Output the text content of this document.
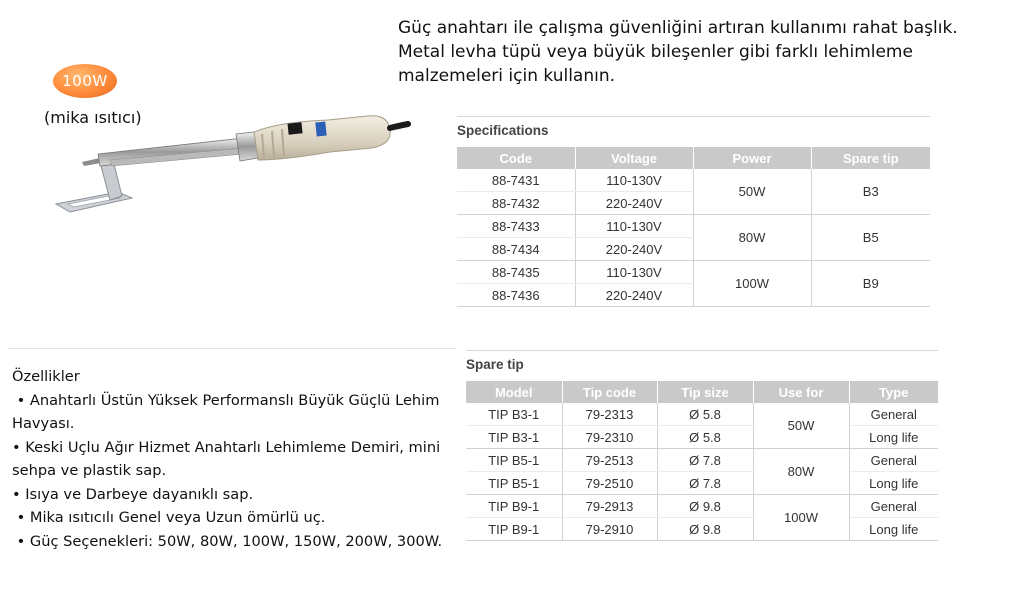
Güç anahtarı ile çalışma güvenliğini artıran kullanımı rahat başlık.
Metal levha tüpü veya büyük bileşenler gibi farklı lehimleme
malzemeleri için kullanın.
100W
(mika ısıtıcı)
Specifications
Code	Voltage	Power	Spare tip
88-7431	110-130V	50W	B3
88-7432	220-240V		
88-7433	110-130V	80W	B5
88-7434	220-240V		
88-7435	110-130V	100W	B9
88-7436	220-240V		
Spare tip
Model	Tip code	Tip size	Use for	Type
TIP B3-1	79-2313	Ø 5.8	50W	General
TIP B3-1	79-2310	Ø 5.8		Long life
TIP B5-1	79-2513	Ø 7.8	80W	General
TIP B5-1	79-2510	Ø 7.8		Long life
TIP B9-1	79-2913	Ø 9.8	100W	General
TIP B9-1	79-2910	Ø 9.8		Long life
Özellikler
• Anahtarlı Üstün Yüksek Performanslı Büyük Güçlü Lehim
Havyası.
• Keski Uçlu Ağır Hizmet Anahtarlı Lehimleme Demiri, mini
sehpa ve plastik sap.
• Isıya ve Darbeye dayanıklı sap.
• Mika ısıtıcılı Genel veya Uzun ömürlü uç.
• Güç Seçenekleri: 50W, 80W, 100W, 150W, 200W, 300W.
